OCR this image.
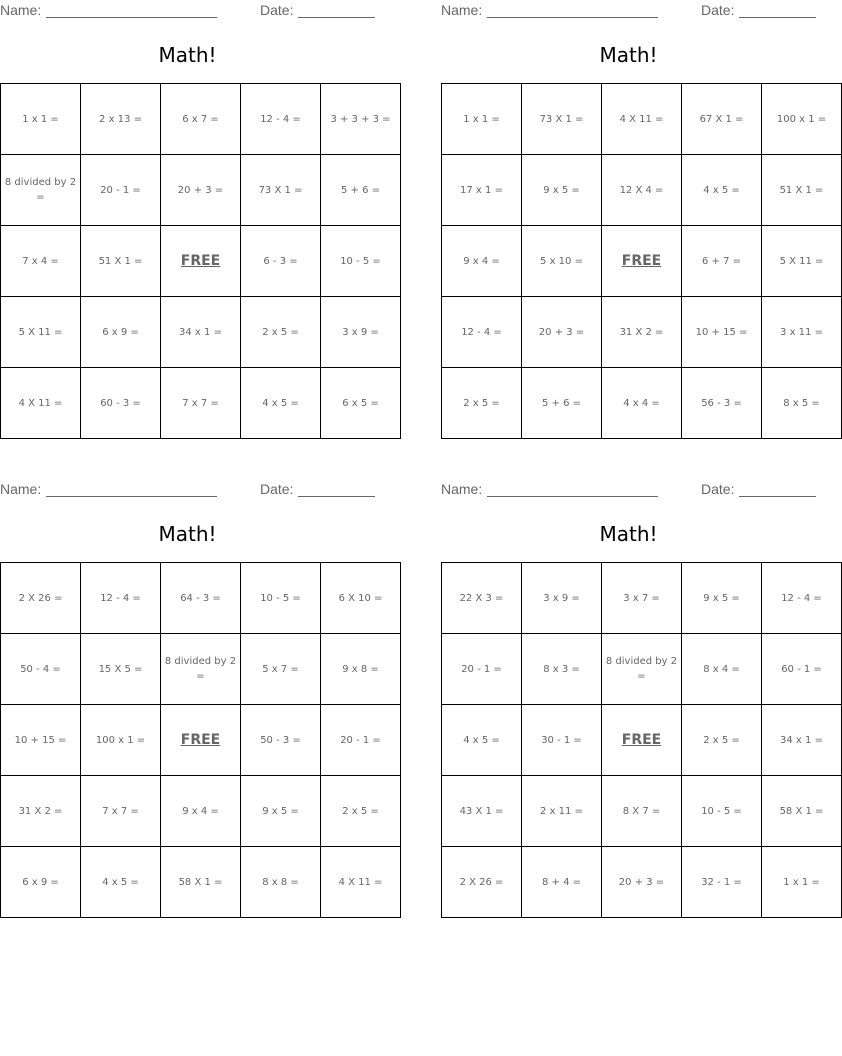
Name:	Date:
Math!
1 x 1 =	2 x 13 =	6 x 7 =	12 - 4 =	3 + 3 + 3 =
8 divided by 2 =	20 - 1 =	20 + 3 =	73 X 1 =	5 + 6 =
7 x 4 =	51 X 1 =	FREE	6 - 3 =	10 - 5 =
5 X 11 =	6 x 9 =	34 x 1 =	2 x 5 =	3 x 9 =
4 X 11 =	60 - 3 =	7 x 7 =	4 x 5 =	6 x 5 =
Name:	Date:
Math!
1 x 1 =	73 X 1 =	4 X 11 =	67 X 1 =	100 x 1 =
17 x 1 =	9 x 5 =	12 X 4 =	4 x 5 =	51 X 1 =
9 x 4 =	5 x 10 =	FREE	6 + 7 =	5 X 11 =
12 - 4 =	20 + 3 =	31 X 2 =	10 + 15 =	3 x 11 =
2 x 5 =	5 + 6 =	4 x 4 =	56 - 3 =	8 x 5 =
Name:	Date:
Math!
2 X 26 =	12 - 4 =	64 - 3 =	10 - 5 =	6 X 10 =
50 - 4 =	15 X 5 =	8 divided by 2 =	5 x 7 =	9 x 8 =
10 + 15 =	100 x 1 =	FREE	50 - 3 =	20 - 1 =
31 X 2 =	7 x 7 =	9 x 4 =	9 x 5 =	2 x 5 =
6 x 9 =	4 x 5 =	58 X 1 =	8 x 8 =	4 X 11 =
Name:	Date:
Math!
22 X 3 =	3 x 9 =	3 x 7 =	9 x 5 =	12 - 4 =
20 - 1 =	8 x 3 =	8 divided by 2 =	8 x 4 =	60 - 1 =
4 x 5 =	30 - 1 =	FREE	2 x 5 =	34 x 1 =
43 X 1 =	2 x 11 =	8 X 7 =	10 - 5 =	58 X 1 =
2 X 26 =	8 + 4 =	20 + 3 =	32 - 1 =	1 x 1 =
